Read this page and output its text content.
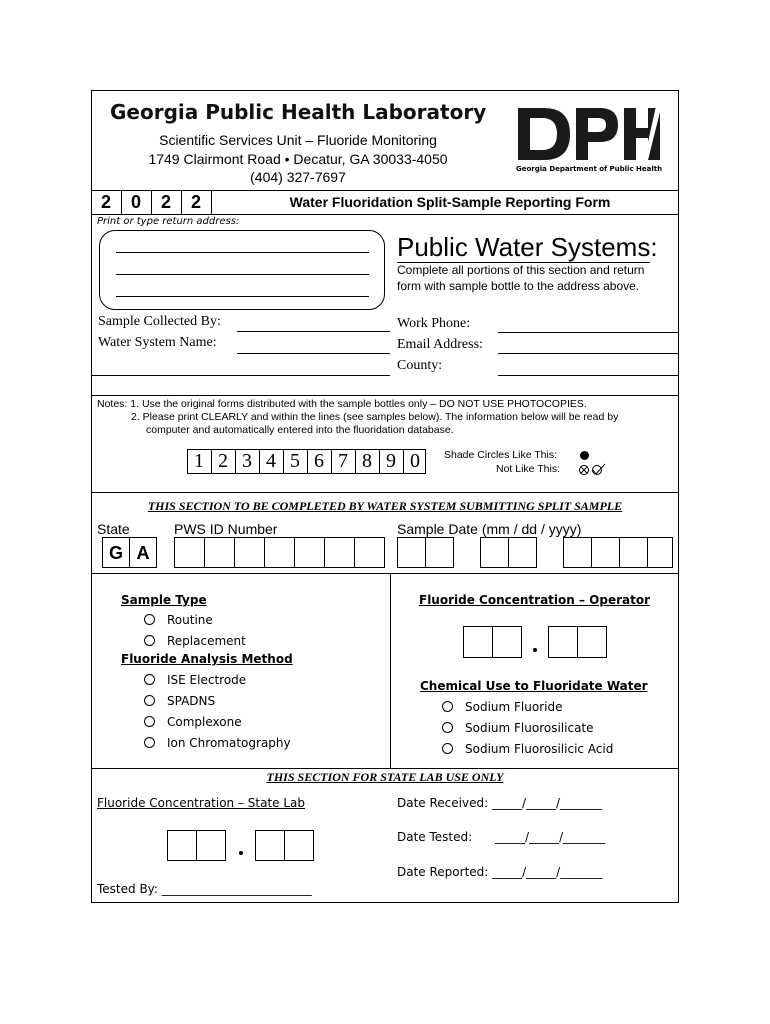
Georgia Public Health Laboratory
Scientific Services Unit – Fluoride Monitoring
1749 Clairmont Road • Decatur, GA 30033-4050
(404) 327-7697	Georgia Department of Public Health
2	0	2	2	Water Fluoridation Split-Sample Reporting Form
Print or type return address:
Public Water Systems:
Complete all portions of this section and return
form with sample bottle to the address above.
Sample Collected By:
Water System Name:
Work Phone:
Email Address:
County:
Notes: 1. Use the original forms distributed with the sample bottles only – DO NOT USE PHOTOCOPIES.
2. Please print CLEARLY and within the lines (see samples below). The information below will be read by
computer and automatically entered into the fluoridation database.
1 2 3 4 5 6 7 8 9 0	Shade Circles Like This:
Not Like This:
THIS SECTION TO BE COMPLETED BY WATER SYSTEM SUBMITTING SPLIT SAMPLE
State	PWS ID Number	Sample Date (mm / dd / yyyy)
G A
Sample Type
Routine
Replacement
Fluoride Analysis Method
ISE Electrode
SPADNS
Complexone
Ion Chromatography
Fluoride Concentration – Operator
Chemical Use to Fluoridate Water
Sodium Fluoride
Sodium Fluorosilicate
Sodium Fluorosilicic Acid
THIS SECTION FOR STATE LAB USE ONLY
Fluoride Concentration – State Lab	Date Received: _____/_____/_______
Date Tested:      _____/_____/_______
Date Reported: _____/_____/_______
Tested By: _________________________
